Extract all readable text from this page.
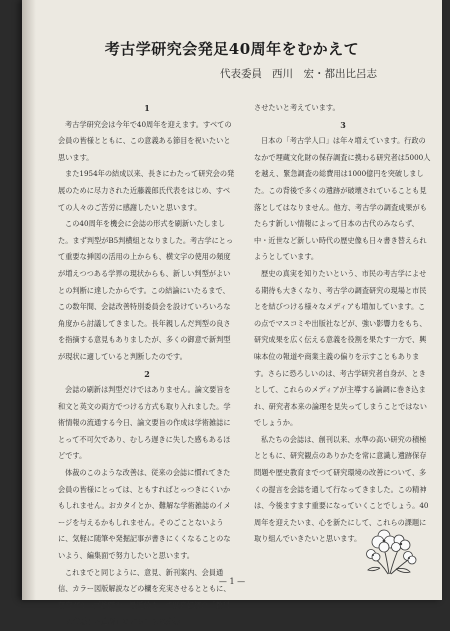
考古学研究会発足40周年をむかえて
代表委員 西川　宏・都出比呂志
1

考古学研究会は今年で40周年を迎えます。すべての会員の皆様とともに、この意義ある節目を祝いたいと思います。

また1954年の結成以来、長きにわたって研究会の発展のために尽力された近藤義郎氏代表をはじめ、すべての人々のご苦労に感謝したいと思います。

この40周年を機会に会誌の形式を刷新いたしました。まず判型がB5判横組となりました。考古学にとって重要な挿図の活用の上からも、横文字の使用の頻度が増えつつある学界の現状からも、新しい判型がよいとの判断に達したからです。この結論にいたるまで、この数年間、会誌改善特別委員会を設けていろいろな角度から討議してきました。長年親しんだ判型の良さを指摘する意見もありましたが、多くの御意で新判型が現状に適していると判断したのです。

2

会誌の刷新は判型だけではありません。論文要旨を和文と英文の両方でつける方式も取り入れました。学術情報の流通する今日、論文要旨の作成は学術雑誌にとって不可欠であり、むしろ遅きに失した感もあるほどです。

体裁のこのような改善は、従来の会誌に慣れてきた会員の皆様にとっては、ともすればとっつきにくいかもしれません。おカタイとか、難解な学術雑誌のイメージを与えるかもしれません。そのごことないように、気軽に随筆や発掘記事が書きにくくなることのないよう、編集面で努力したいと思います。

これまでと同じように、意見、新刊案内、会員通信、カラー図版解説などの欄を充実させるとともに、研究グループ訪問や、最近始まって以来好評の「教科書に登場する遺跡」などもさらに発展

させたいと考えています。

3

日本の「考古学人口」は年々増えています。行政のなかで埋蔵文化財の保存調査に携わる研究者は5000人を越え、緊急調査の総費用は1000億円を突破しました。この背後で多くの遺跡が破壊されていることも見落としてはなりません。他方、考古学の調査成果がもたらす新しい情報によって日本の古代のみならず、中・近世など新しい時代の歴史像も日々書き替えられようとしています。

歴史の真実を知りたいという、市民の考古学によせる期待も大きくなり、考古学の調査研究の現場と市民とを結びつける様々なメディアも増加しています。この点でマスコミや出版社などが、強い影響力をもち、研究成果を広く伝える意義を役割を果たす一方で、興味本位の報道や商業主義の偏りを示すこともあります。さらに恐ろしいのは、考古学研究者自身が、ときとして、これらのメディアが主導する論調に巻き込まれ、研究者本来の論理を見失ってしまうことではないでしょうか。

私たちの会誌は、創刊以来、水準の高い研究の積極とともに、研究観点のありかたを常に意識し遺跡保存問題や歴史教育までつて研究環境の改善について、多くの提言を会誌を通して行なってきました。この精神は、今後ますます重要になっていくことでしょう。40周年を迎えたいま、心を新たにして、これらの課題に取り組んでいきたいと思います。

— 1 —
